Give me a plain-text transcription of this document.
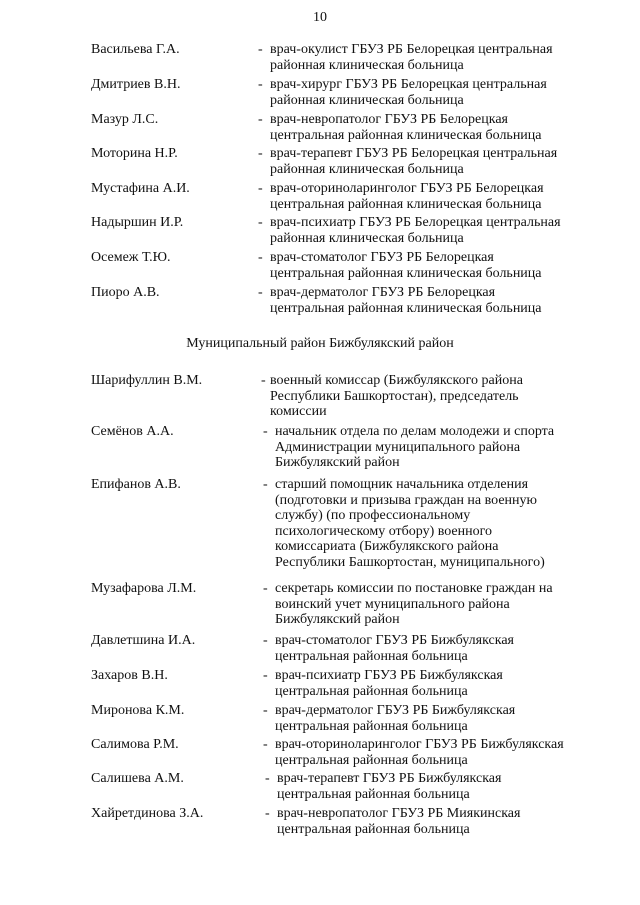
10
Васильева Г.А.	- врач-окулист ГБУЗ РБ Белорецкая центральная
районная клиническая больница
Дмитриев В.Н.	- врач-хирург ГБУЗ РБ Белорецкая центральная
районная клиническая больница
Мазур Л.С.	- врач-невропатолог ГБУЗ РБ Белорецкая
центральная районная клиническая больница
Моторина Н.Р.	- врач-терапевт ГБУЗ РБ Белорецкая центральная
районная клиническая больница
Мустафина А.И.	- врач-оториноларинголог ГБУЗ РБ Белорецкая
центральная районная клиническая больница
Надыршин И.Р.	- врач-психиатр ГБУЗ РБ Белорецкая центральная
районная клиническая больница
Осемеж Т.Ю.	- врач-стоматолог ГБУЗ РБ Белорецкая
центральная районная клиническая больница
Пиоро А.В.	- врач-дерматолог ГБУЗ РБ Белорецкая
центральная районная клиническая больница
Муниципальный район Бижбулякский район
Шарифуллин В.М.	- военный комиссар (Бижбулякского района
Республики Башкортостан), председатель
комиссии
Семёнов А.А.	- начальник отдела по делам молодежи и спорта
Администрации муниципального района
Бижбулякский район
Епифанов А.В.	- старший помощник начальника отделения
(подготовки и призыва граждан на военную
службу) (по профессиональному
психологическому отбору) военного
комиссариата (Бижбулякского района
Республики Башкортостан, муниципального)
Музафарова Л.М.	- секретарь комиссии по постановке граждан на
воинский учет муниципального района
Бижбулякский район
Давлетшина И.А.	- врач-стоматолог ГБУЗ РБ Бижбулякская
центральная районная больница
Захаров В.Н.	- врач-психиатр ГБУЗ РБ Бижбулякская
центральная районная больница
Миронова К.М.	- врач-дерматолог ГБУЗ РБ Бижбулякская
центральная районная больница
Салимова Р.М.	- врач-оториноларинголог ГБУЗ РБ Бижбулякская
центральная районная больница
Салишева А.М.	- врач-терапевт ГБУЗ РБ Бижбулякская
центральная районная больница
Хайретдинова З.А.	- врач-невропатолог ГБУЗ РБ Миякинская
центральная районная больница
